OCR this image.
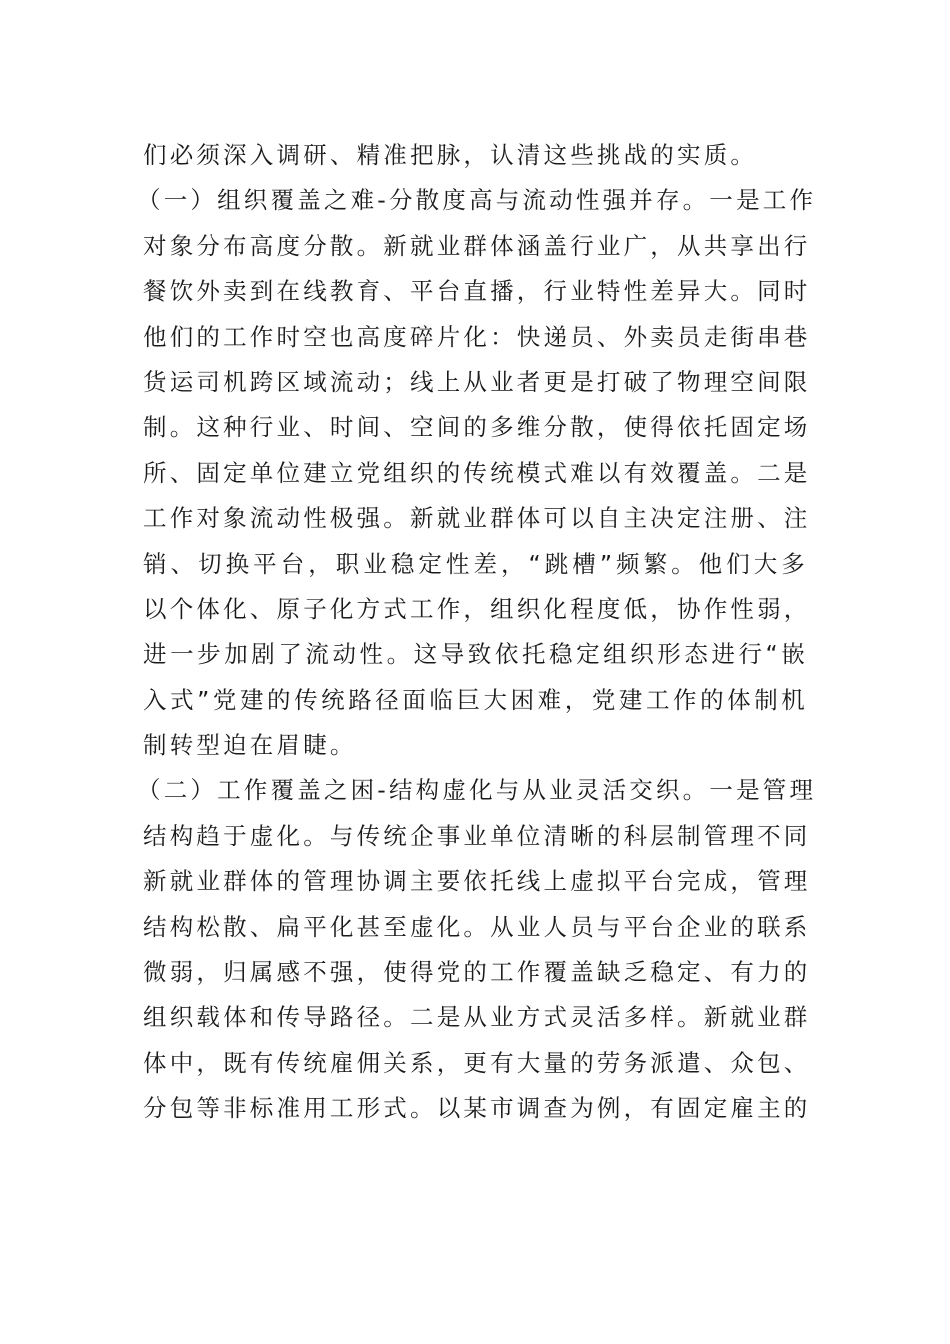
们必须深入调研、精准把脉，认清这些挑战的实质。
（一）组织覆盖之难-分散度高与流动性强并存。一是工作
对象分布高度分散。新就业群体涵盖行业广，从共享出行
餐饮外卖到在线教育、平台直播，行业特性差异大。同时
他们的工作时空也高度碎片化：快递员、外卖员走街串巷
货运司机跨区域流动；线上从业者更是打破了物理空间限
制。这种行业、时间、空间的多维分散，使得依托固定场
所、固定单位建立党组织的传统模式难以有效覆盖。二是
工作对象流动性极强。新就业群体可以自主决定注册、注
销、切换平台，职业稳定性差，“跳槽”频繁。他们大多
以个体化、原子化方式工作，组织化程度低，协作性弱，
进一步加剧了流动性。这导致依托稳定组织形态进行“嵌
入式”党建的传统路径面临巨大困难，党建工作的体制机
制转型迫在眉睫。
（二）工作覆盖之困-结构虚化与从业灵活交织。一是管理
结构趋于虚化。与传统企事业单位清晰的科层制管理不同
新就业群体的管理协调主要依托线上虚拟平台完成，管理
结构松散、扁平化甚至虚化。从业人员与平台企业的联系
微弱，归属感不强，使得党的工作覆盖缺乏稳定、有力的
组织载体和传导路径。二是从业方式灵活多样。新就业群
体中，既有传统雇佣关系，更有大量的劳务派遣、众包、
分包等非标准用工形式。以某市调查为例，有固定雇主的
